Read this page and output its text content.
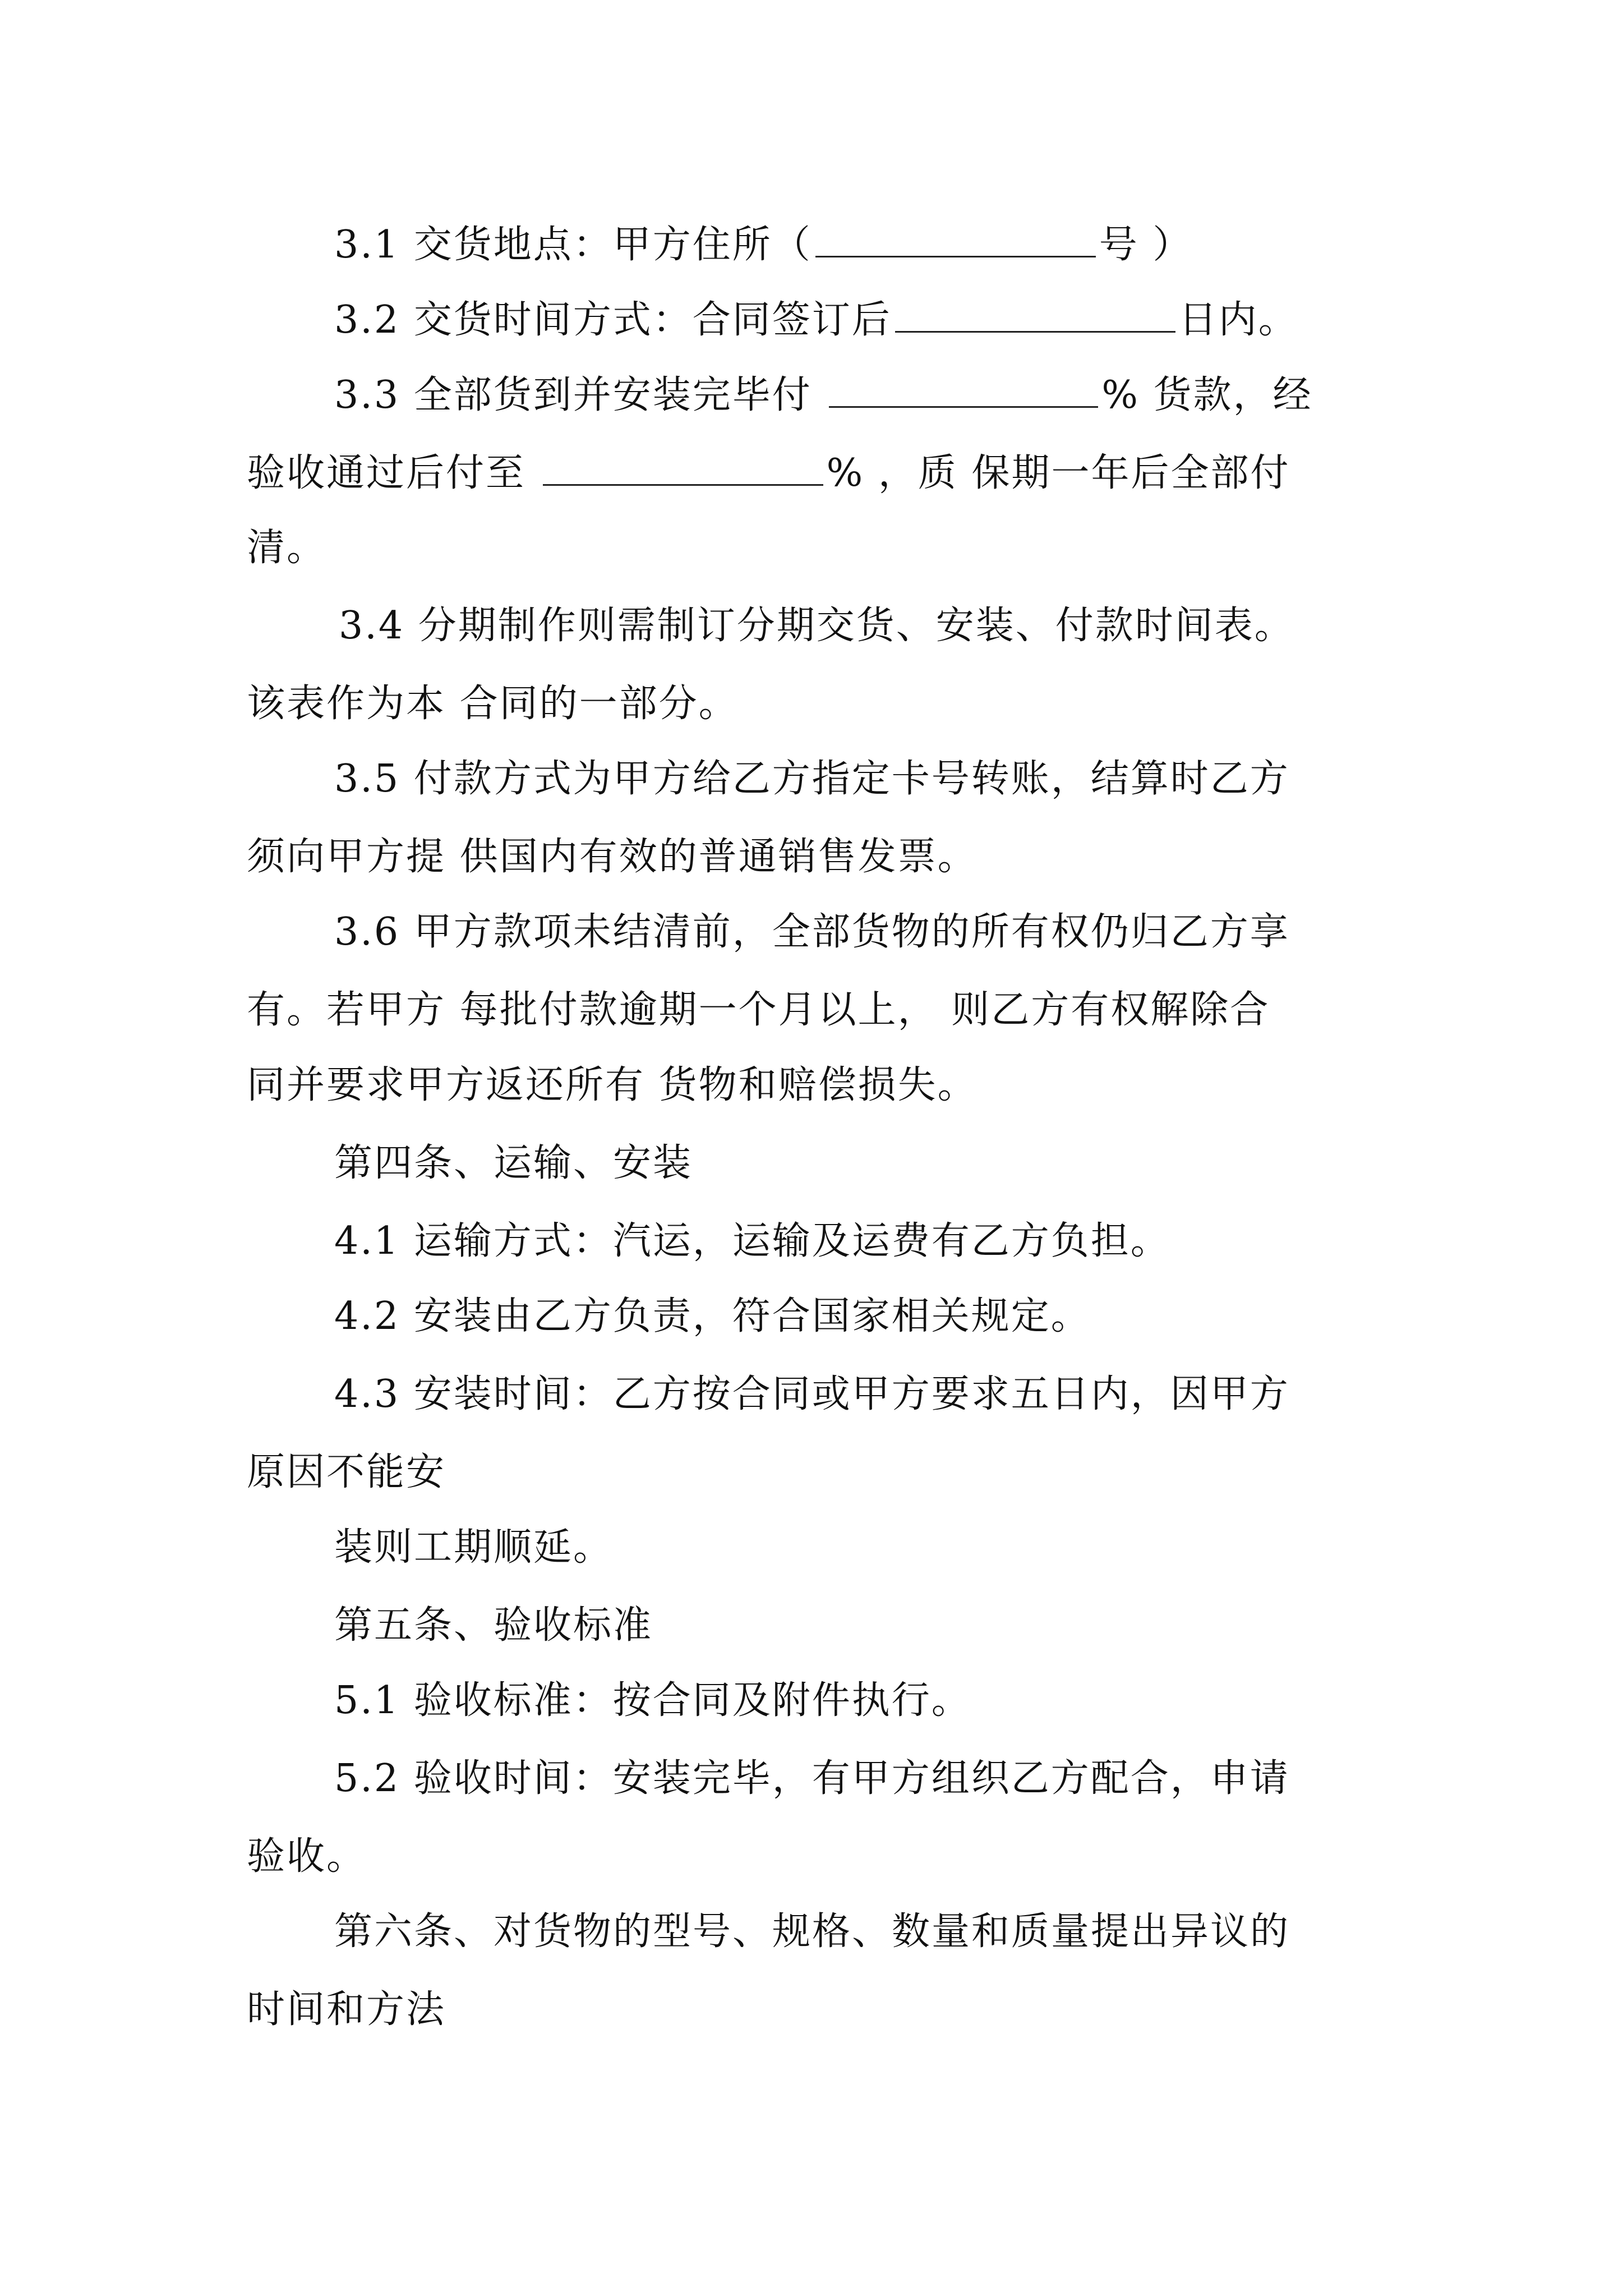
3.1 交货地点：甲方住所（	号 ）
3.2 交货时间方式：合同签订后	日内。
3.3 全部货到并安装完毕付	% 货款，经
验收通过后付至	% ，质 保期一年后全部付
清。
3.4 分期制作则需制订分期交货、安装、付款时间表。
该表作为本 合同的一部分。
3.5 付款方式为甲方给乙方指定卡号转账，结算时乙方
须向甲方提 供国内有效的普通销售发票。
3.6 甲方款项未结清前，全部货物的所有权仍归乙方享
有。若甲方 每批付款逾期一个月以上， 则乙方有权解除合
同并要求甲方返还所有 货物和赔偿损失。
第四条、运输、安装
4.1 运输方式：汽运，运输及运费有乙方负担。
4.2 安装由乙方负责，符合国家相关规定。
4.3 安装时间：乙方按合同或甲方要求五日内，因甲方
原因不能安
装则工期顺延。
第五条、验收标准
5.1 验收标准：按合同及附件执行。
5.2 验收时间：安装完毕，有甲方组织乙方配合，申请
验收。
第六条、对货物的型号、规格、数量和质量提出异议的
时间和方法
